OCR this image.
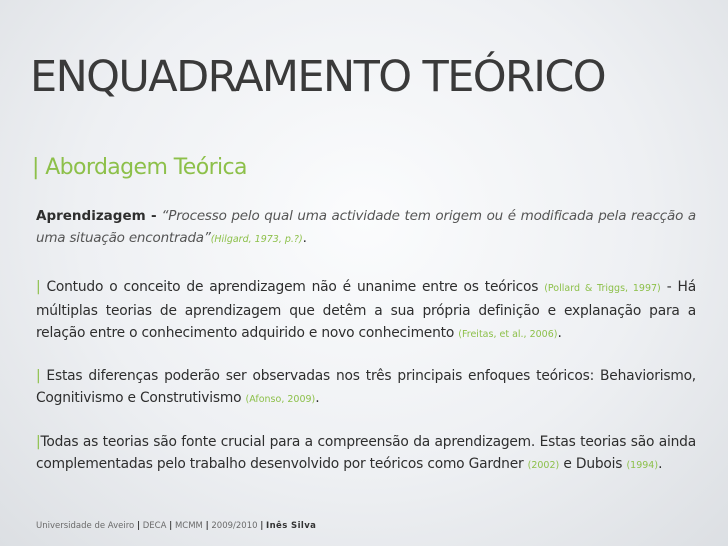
ENQUADRAMENTO TEÓRICO
| Abordagem Teórica
Aprendizagem - “Processo pelo qual uma actividade tem origem ou é modificada pela reacção a uma situação encontrada”(Hilgard, 1973, p.?).
| Contudo o conceito de aprendizagem não é unanime entre os teóricos (Pollard & Triggs, 1997) - Há múltiplas teorias de aprendizagem que detêm a sua própria definição e explanação para a relação entre o conhecimento adquirido e novo conhecimento (Freitas, et al., 2006).
| Estas diferenças poderão ser observadas nos três principais enfoques teóricos: Behaviorismo, Cognitivismo e Construtivismo (Afonso, 2009).
|Todas as teorias são fonte crucial para a compreensão da aprendizagem. Estas teorias são ainda complementadas pelo trabalho desenvolvido por teóricos como Gardner (2002) e Dubois (1994).
Universidade de Aveiro | DECA | MCMM | 2009/2010 | Inês Silva
